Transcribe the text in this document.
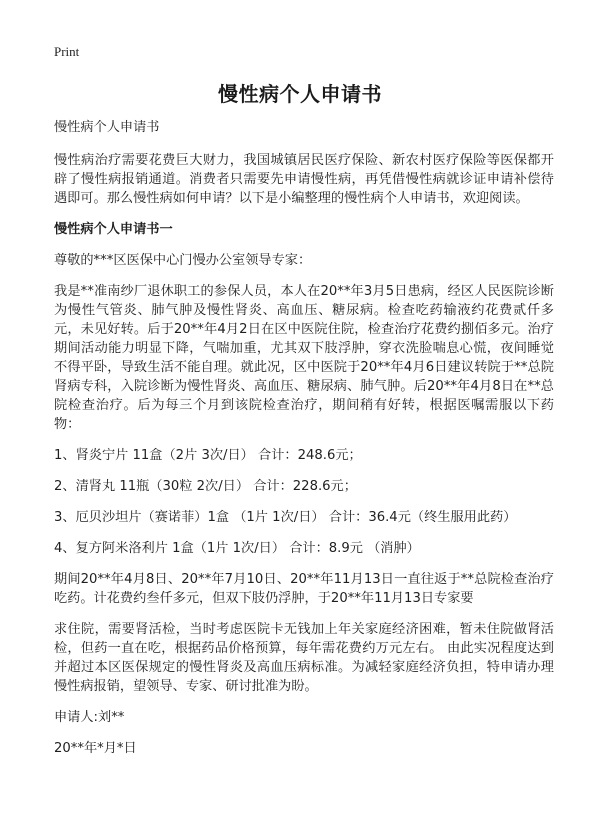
Print
慢性病个人申请书

慢性病个人申请书

慢性病治疗需要花费巨大财力，我国城镇居民医疗保险、新农村医疗保险等医保都开辟了慢性病报销通道。消费者只需要先申请慢性病，再凭借慢性病就诊证申请补偿待遇即可。那么慢性病如何申请？以下是小编整理的慢性病个人申请书，欢迎阅读。

慢性病个人申请书一

尊敬的***区医保中心门慢办公室领导专家：

我是**准南纱厂退休职工的参保人员，本人在20**年3月5日患病，经区人民医院诊断为慢性气管炎、肺气肿及慢性肾炎、高血压、糖尿病。检查吃药输液约花费贰仟多元，未见好转。后于20**年4月2日在区中医院住院，检查治疗花费约捌佰多元。治疗期间活动能力明显下降，气喘加重，尤其双下肢浮肿，穿衣洗脸喘息心慌，夜间睡觉不得平卧，导致生活不能自理。就此况，区中医院于20**年4月6日建议转院于**总院肾病专科，入院诊断为慢性肾炎、高血压、糖尿病、肺气肿。后20**年4月8日在**总院检查治疗。后为每三个月到该院检查治疗，期间稍有好转，根据医嘱需服以下药物：

1、肾炎宁片 11盒（2片 3次/日） 合计：248.6元；

2、清肾丸 11瓶（30粒 2次/日） 合计：228.6元；

3、厄贝沙坦片（赛诺菲）1盒 （1片 1次/日） 合计：36.4元（终生服用此药）

4、复方阿米洛利片 1盒（1片 1次/日） 合计：8.9元 （消肿）

期间20**年4月8日、20**年7月10日、20**年11月13日一直往返于**总院检查治疗吃药。计花费约叁仟多元，但双下肢仍浮肿，于20**年11月13日专家要

求住院，需要肾活检，当时考虑医院卡无钱加上年关家庭经济困难，暂未住院做肾活检，但药一直在吃，根据药品价格预算，每年需花费约万元左右。 由此实况程度达到并超过本区医保规定的慢性肾炎及高血压病标准。为减轻家庭经济负担，特申请办理慢性病报销，望领导、专家、研讨批准为盼。

申请人:刘**

20**年*月*日
